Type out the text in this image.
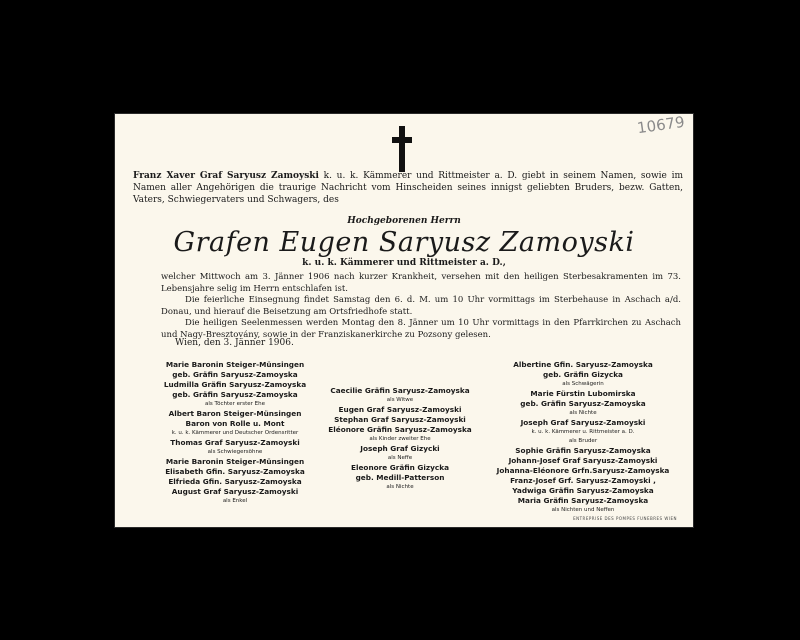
10679
Franz Xaver Graf Saryusz Zamoyski k. u. k. Kämmerer und Rittmeister a. D. giebt in seinem Namen, sowie im Namen aller Angehörigen die traurige Nachricht vom Hinscheiden seines innigst geliebten Bruders, bezw. Gatten, Vaters, Schwiegervaters und Schwagers, des
Hochgeborenen Herrn
Grafen Eugen Saryusz Zamoyski
k. u. k. Kämmerer und Rittmeister a. D.,

welcher Mittwoch am 3. Jänner 1906 nach kurzer Krankheit, versehen mit den heiligen Sterbesakramenten im 73. Lebensjahre selig im Herrn entschlafen ist.

Die feierliche Einsegnung findet Samstag den 6. d. M. um 10 Uhr vormittags im Sterbehause in Aschach a/d. Donau, und hierauf die Beisetzung am Ortsfriedhofe statt.

Die heiligen Seelenmessen werden Montag den 8. Jänner um 10 Uhr vormittags in den Pfarrkirchen zu Aschach und Nagy-Bresztovány, sowie in der Franziskanerkirche zu Pozsony gelesen.

Wien, den 3. Jänner 1906.
Marie Baronin Steiger-Münsingen
geb. Gräfin Saryusz-Zamoyska
Ludmilla Gräfin Saryusz-Zamoyska
geb. Gräfin Saryusz-Zamoyska
als Töchter erster Ehe
Albert Baron Steiger-Münsingen
Baron von Rolle u. Mont
k. u. k. Kämmerer und Deutscher Ordensritter
Thomas Graf Saryusz-Zamoyski
als Schwiegersöhne
Marie Baronin Steiger-Münsingen
Elisabeth Gfin. Saryusz-Zamoyska
Elfrieda Gfin. Saryusz-Zamoyska
August Graf Saryusz-Zamoyski
als Enkel
Caecilie Gräfin Saryusz-Zamoyska
als Witwe
Eugen Graf Saryusz-Zamoyski
Stephan Graf Saryusz-Zamoyski
Eléonore Gräfin Saryusz-Zamoyska
als Kinder zweiter Ehe
Joseph Graf Gizycki
als Neffe
Eleonore Gräfin Gizycka
geb. Medill-Patterson
als Nichte
Albertine Gfin. Saryusz-Zamoyska
geb. Gräfin Gizycka
als Schwägerin
Marie Fürstin Lubomirska
geb. Gräfin Saryusz-Zamoyska
als Nichte
Joseph Graf Saryusz-Zamoyski
k. u. k. Kämmerer u. Rittmeister a. D.
als Bruder
Sophie Gräfin Saryusz-Zamoyska
Johann-Josef Graf Saryusz-Zamoyski
Johanna-Eléonore Grfn.Saryusz-Zamoyska
Franz-Josef Grf. Saryusz-Zamoyski ,
Yadwiga Gräfin Saryusz-Zamoyska
Maria Gräfin Saryusz-Zamoyska
als Nichten und Neffen
ENTREPRISE DES POMPES FUNEBRES WIEN
